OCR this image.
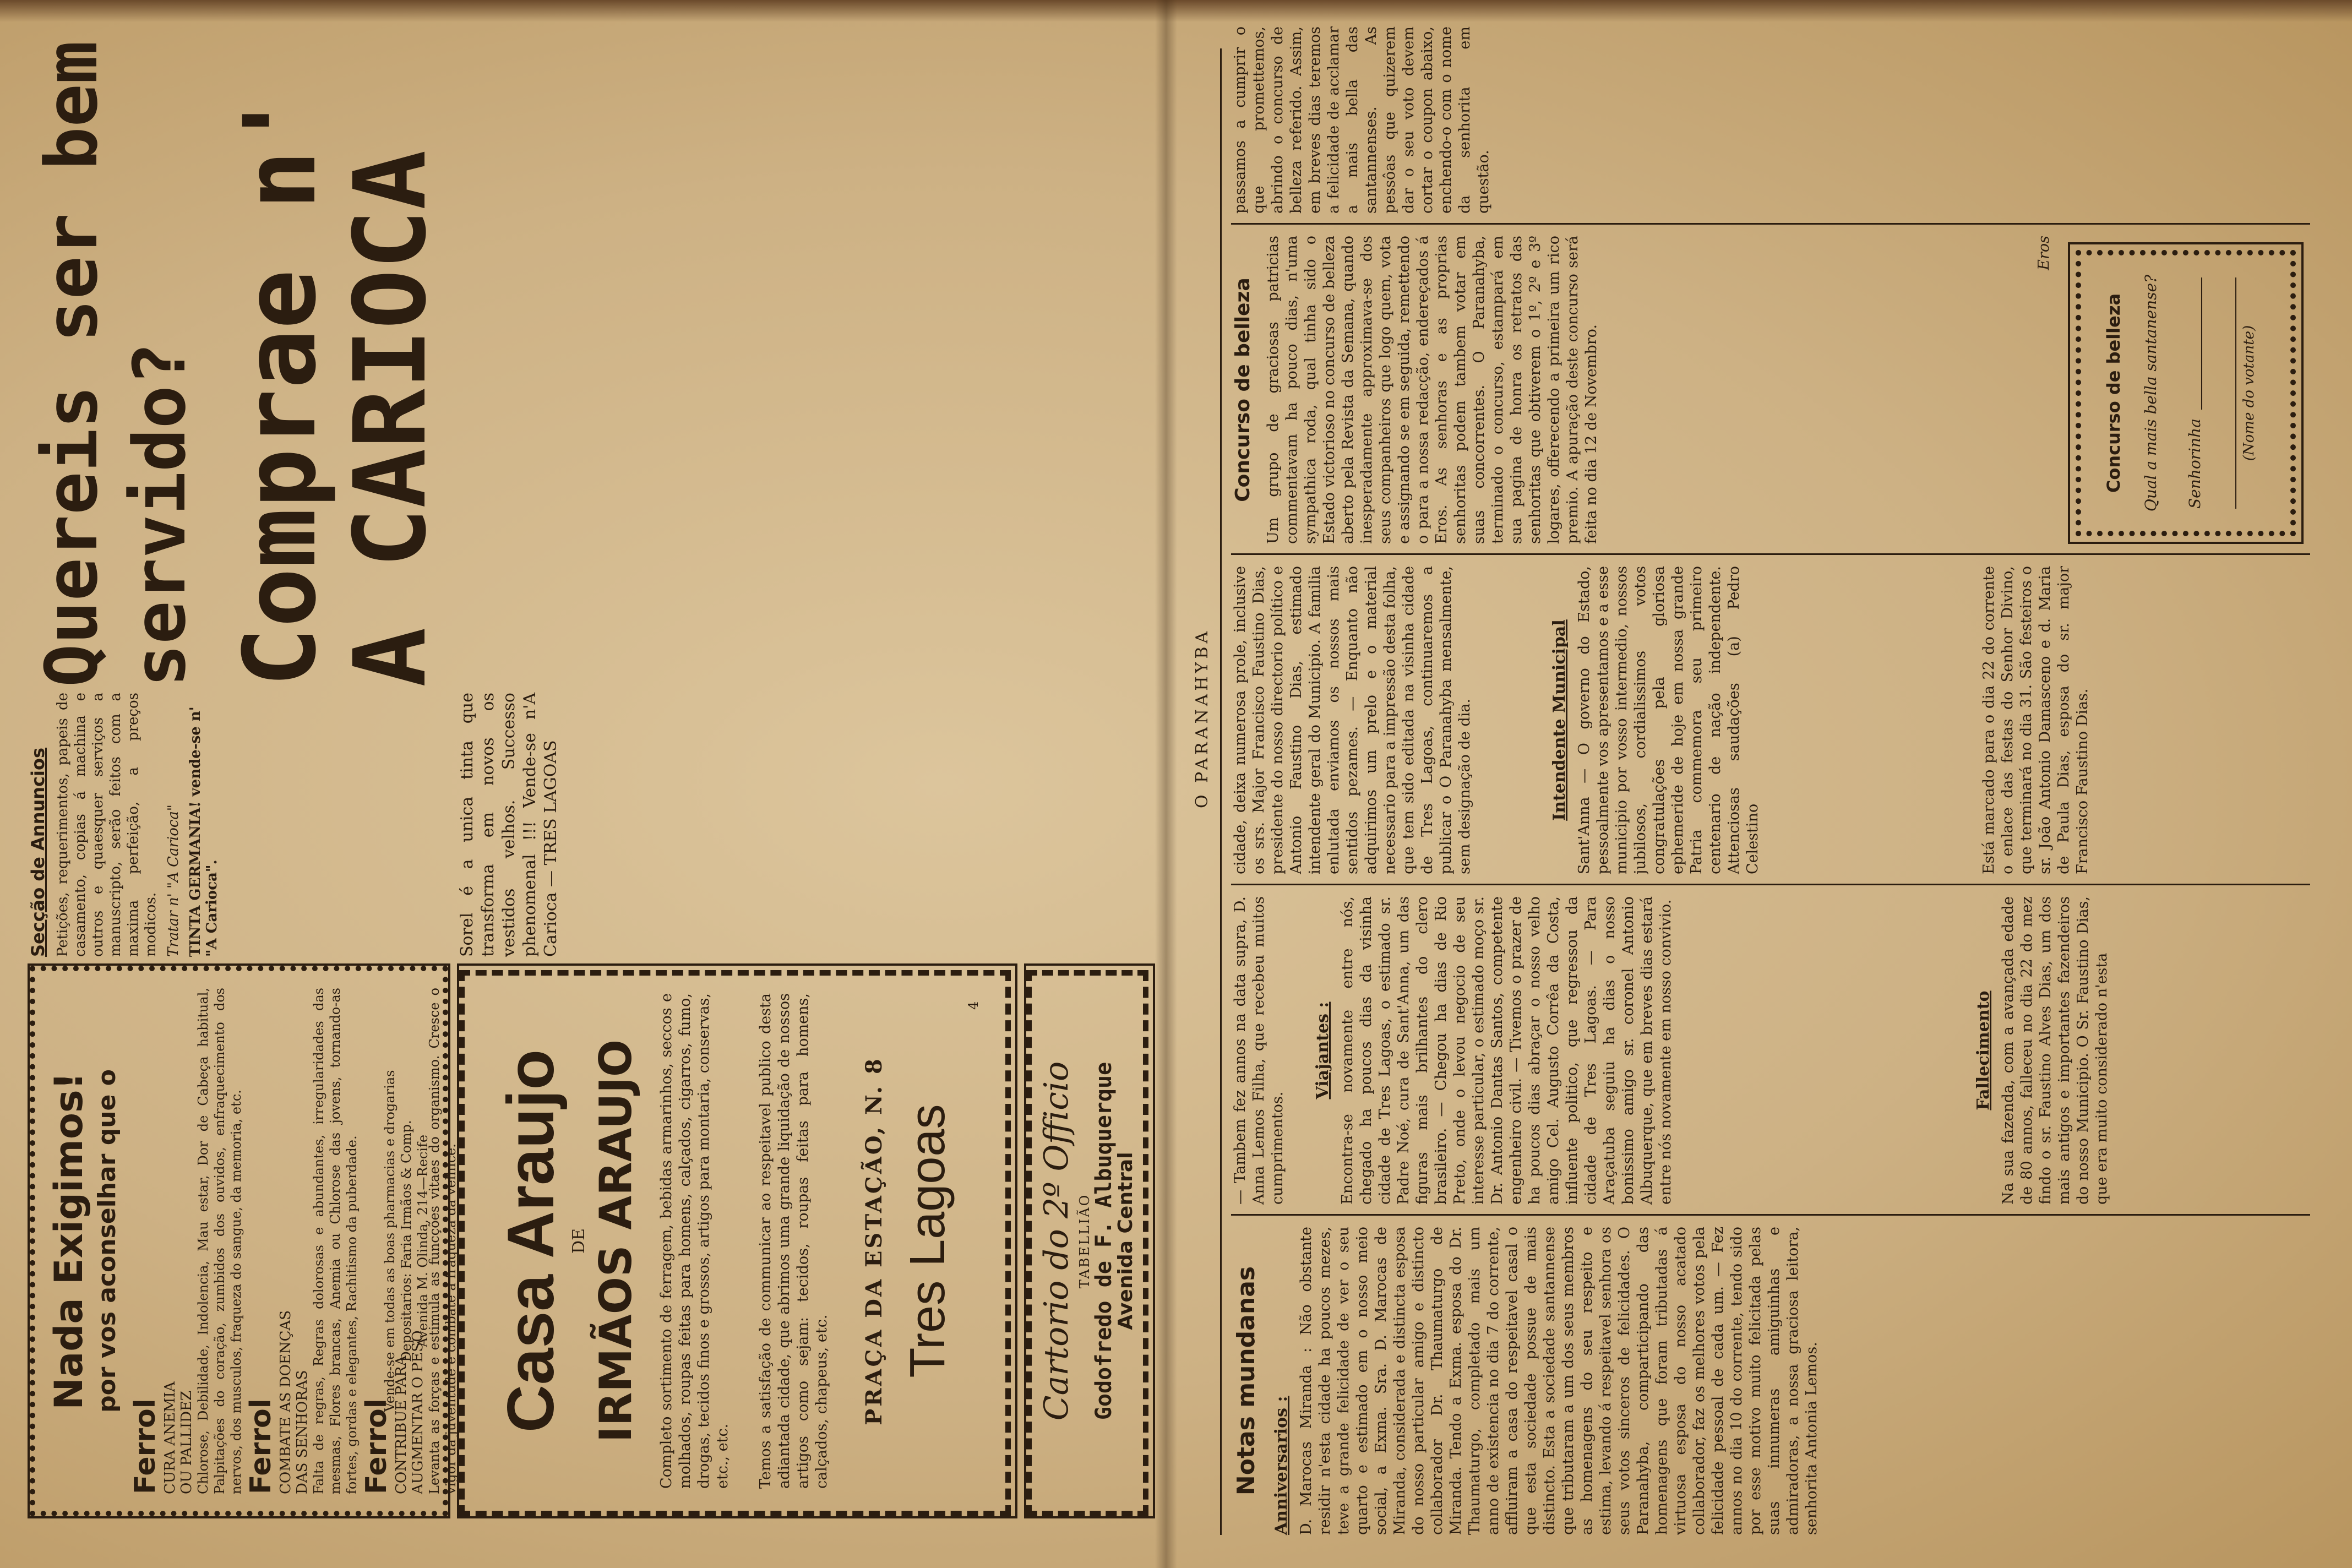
O PARANAHYBA
Notas mundanas Anniversarios : D. Marocas Miranda : Não obstante residir n'esta cidade ha poucos mezes, teve a grande felicidade de ver o seu quarto e estimado em o nosso meio social, a Exma. Sra. D. Marocas de Miranda, considerada e distincta esposa do nosso particular amigo e distincto collaborador Dr. Thaumaturgo de Miranda. Tendo a Exma. esposa do Dr. Thaumaturgo, completado mais um anno de existencia no dia 7 do corrente, affluiram a casa do respeitavel casal o que esta sociedade possue de mais distincto. Esta a sociedade santannense que tributaram a um dos seus membros as homenagens do seu respeito e estima, levando á respeitavel senhora os seus votos sinceros de felicidades. O Paranahyba, comparticipando das homenagens que foram tributadas á virtuosa esposa do nosso acatado collaborador, faz os melhores votos pela felicidade pessoal de cada um. — Fez annos no dia 10 do corrente, tendo sido por esse motivo muito felicitada pelas suas innumeras amiguinhas e admiradoras, a nossa graciosa leitora, senhorita Antonia Lemos.

— Tambem fez annos na data supra, D. Anna Lemos Filha, que recebeu muitos cumprimentos.

Viajantes : Encontra-se novamente entre nós, chegado ha poucos dias da visinha cidade de Tres Lagoas, o estimado sr. Padre Noé, cura de Sant'Anna, um das figuras mais brilhantes do clero brasileiro. — Chegou ha dias de Rio Preto, onde o levou negocio de seu interesse particular, o estimado moço sr. Dr. Antonio Dantas Santos, competente engenheiro civil. — Tivemos o prazer de ha poucos dias abraçar o nosso velho amigo Cel. Augusto Corrêa da Costa, influente politico, que regressou da cidade de Tres Lagoas. — Para Araçatuba seguiu ha dias o nosso bonissimo amigo sr. coronel Antonio Albuquerque, que em breves dias estará entre nós novamente em nosso convivio.	Fallecimento Na sua fazenda, com a avançada edade de 80 annos, falleceu no dia 22 do mez findo o sr. Faustino Alves Dias, um dos mais antigos e importantes fazendeiros do nosso Municipio. O Sr. Faustino Dias, que era muito considerado n'esta

cidade, deixa numerosa prole, inclusive os srs. Major Francisco Faustino Dias, presidente do nosso directorio político e Antonio Faustino Dias, estimado intendente geral do Municipio. A familia enlutada enviamos os nossos mais sentidos pezames. — Enquanto não adquirimos um prelo e o material necessario para a impressão desta folha, que tem sido editada na visinha cidade de Tres Lagoas, continuaremos a publicar o O Paranahyba mensalmente, sem designação de dia.	Intendente Municipal Sant'Anna — O governo do Estado, pessoalmente vos apresentamos e a esse municipio por vosso intermedio, nossos jubilosos, cordialissimos votos congratulações pela gloriosa ephemeride de hoje em nossa grande Patria commemora seu primeiro centenario de nação independente. Attenciosas saudações (a) Pedro Celestino	Está marcado para o dia 22 do corrente o enlace das festas do Senhor Divino, que terminará no dia 31. São festeiros o sr. João Antonio Damasceno e d. Maria de Paula Dias, esposa do sr. major Francisco Faustino Dias.

Concurso de belleza Um grupo de graciosas patricias commentavam ha pouco dias, n'uma sympathica roda, qual tinha sido o Estado victorioso no concurso de belleza aberto pela Revista da Semana, quando inesperadamente approximava-se dos seus companheiros que logo quem, vota e assignando se em seguida, remettendo o para a nossa redacção, endereçados á Eros. As senhoras e as proprias senhoritas podem tambem votar em suas concorrentes. O Paranahyba, terminado o concurso, estampará em sua pagina de honra os retratos das senhoritas que obtiverem o 1º, 2º e 3º logares, offerecendo a primeira um rico premio. A apuração deste concurso será feita no dia 12 de Novembro.

Eros

Concurso de belleza Qual a mais bella santanense? Senhorinha

(Nome do votante)

passamos a cumprir o que promettemos, abrindo o concurso de belleza referido. Assim, em breves dias teremos a felicidade de acclamar a mais bella das santannenses. As pessôas que quizerem dar o seu voto devem cortar o coupon abaixo, enchendo-o com o nome da senhorita em questão.

Casa Araujo DE IRMÃOS ARAUJO Completo sortimento de ferragem, bebidas armarinhos, seccos e molhados, roupas feitas para homens, calçados, cigarros, fumo, drogas, tecidos finos e grossos, artigos para montaria, conservas, etc., etc. Temos a satisfação de communicar ao respeitavel publico desta adiantada cidade, que abrimos uma grande liquidação de nossos artigos como sejam: tecidos, roupas feitas para homens, calçados, chapeus, etc. PRAÇA DA ESTAÇÃO, N. 8 Tres Lagoas

4

Cartorio do 2º Officio TABELLIÃO

Godofredo de F. Albuquerque

Avenida Central

Nada Exigimos! por vos aconselhar que o

Ferrol CURA ANEMIA OU PALLIDEZ Chlorose, Debilidade, Indolencia, Mau estar, Dor de Cabeça habitual, Palpitações do coração, zumbidos dos ouvidos, enfraquecimento dos nervos, dos musculos, fraqueza do sangue, da memoria, etc. Ferrol COMBATE AS DOENÇAS DAS SENHORAS Falta de regras, Regras dolorosas e abundantes, irregularidades das mesmas, Flores brancas, Anemia ou Chlorose das jovens, tornando-as fortes, gordas e elegantes, Rachitismo da puberdade. Ferrol CONTRIBUE PARA AUGMENTAR O PESO Levanta as forças e estimula as funcções vitaes do organismo. Cresce o vigor da juventude e combate a fraqueza da velhice.

Vende-se em todas as boas pharmacias e drogarias Depositarios: Faria Irmãos & Comp. Avenida M. Olinda, 214—Recife

Secção de Annuncios Petições, requerimentos, papeis de casamento, copias á machina e outros e quaesquer serviços a manuscripto, serão feitos com a maxima perfeição, a preços modicos. Tratar n' "A Carioca" TINTA GERMANIA! vende-se n' "A Carioca".	Sorel é a unica tinta que transforma em novos os vestidos velhos. Successo phenomenal !!! Vende-se n'A Carioca — TRES LAGOAS

Quereis ser bem servido? Comprae n' A CARIOCA
